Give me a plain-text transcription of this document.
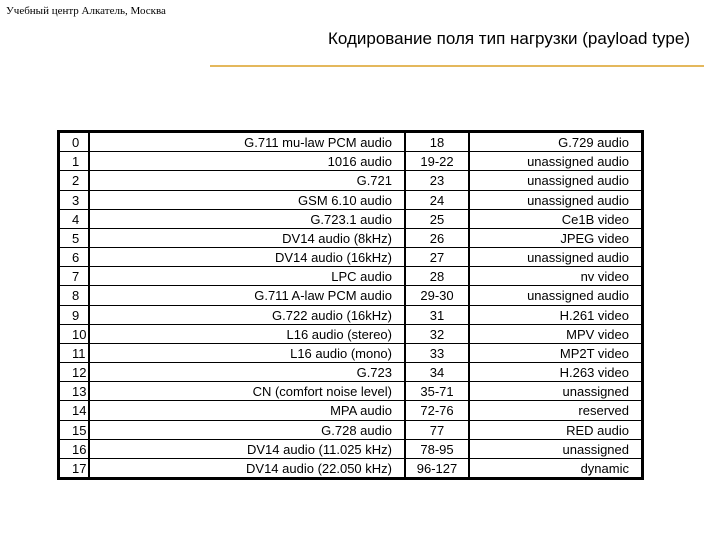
Учебный центр Алкатель, Москва
Кодирование поля тип нагрузки (payload type)
0
1
2
3
4
5
6
7
8
9
10
11
12
13
14
15
16
17
G.711 mu-law PCM audio
1016 audio
G.721
GSM 6.10 audio
G.723.1 audio
DV14 audio (8kHz)
DV14 audio (16kHz)
LPC audio
G.711 A-law PCM audio
G.722 audio (16kHz)
L16 audio (stereo)
L16 audio (mono)
G.723
CN (comfort noise level)
MPA audio
G.728 audio
DV14 audio (11.025 kHz)
DV14 audio (22.050 kHz)
18
19-22
23
24
25
26
27
28
29-30
31
32
33
34
35-71
72-76
77
78-95
96-127
G.729 audio
unassigned audio
unassigned audio
unassigned audio
Ce1B video
JPEG video
unassigned audio
nv video
unassigned audio
H.261 video
MPV video
MP2T video
H.263 video
unassigned
reserved
RED audio
unassigned
dynamic
